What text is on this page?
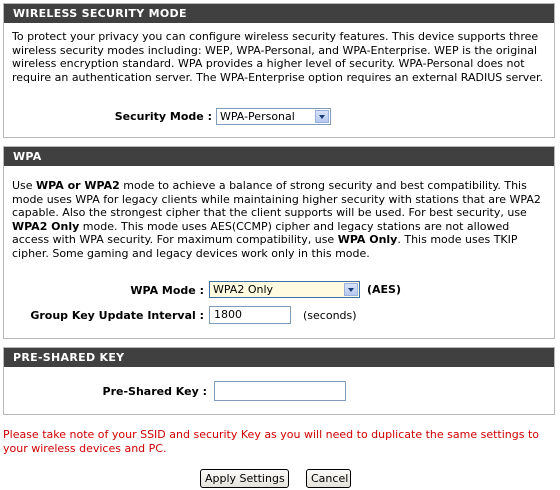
WIRELESS SECURITY MODE
To protect your privacy you can configure wireless security features. This device supports three wireless security modes including: WEP, WPA-Personal, and WPA-Enterprise. WEP is the original wireless encryption standard. WPA provides a higher level of security. WPA-Personal does not require an authentication server. The WPA-Enterprise option requires an external RADIUS server.
Security Mode : WPA-Personal
WPA
Use WPA or WPA2 mode to achieve a balance of strong security and best compatibility. This mode uses WPA for legacy clients while maintaining higher security with stations that are WPA2 capable. Also the strongest cipher that the client supports will be used. For best security, use WPA2 Only mode. This mode uses AES(CCMP) cipher and legacy stations are not allowed access with WPA security. For maximum compatibility, use WPA Only. This mode uses TKIP cipher. Some gaming and legacy devices work only in this mode.
WPA Mode : WPA2 Only	(AES)
Group Key Update Interval : 1800	(seconds)
PRE-SHARED KEY
Pre-Shared Key :
Please take note of your SSID and security Key as you will need to duplicate the same settings to your wireless devices and PC.
Apply Settings	Cancel
